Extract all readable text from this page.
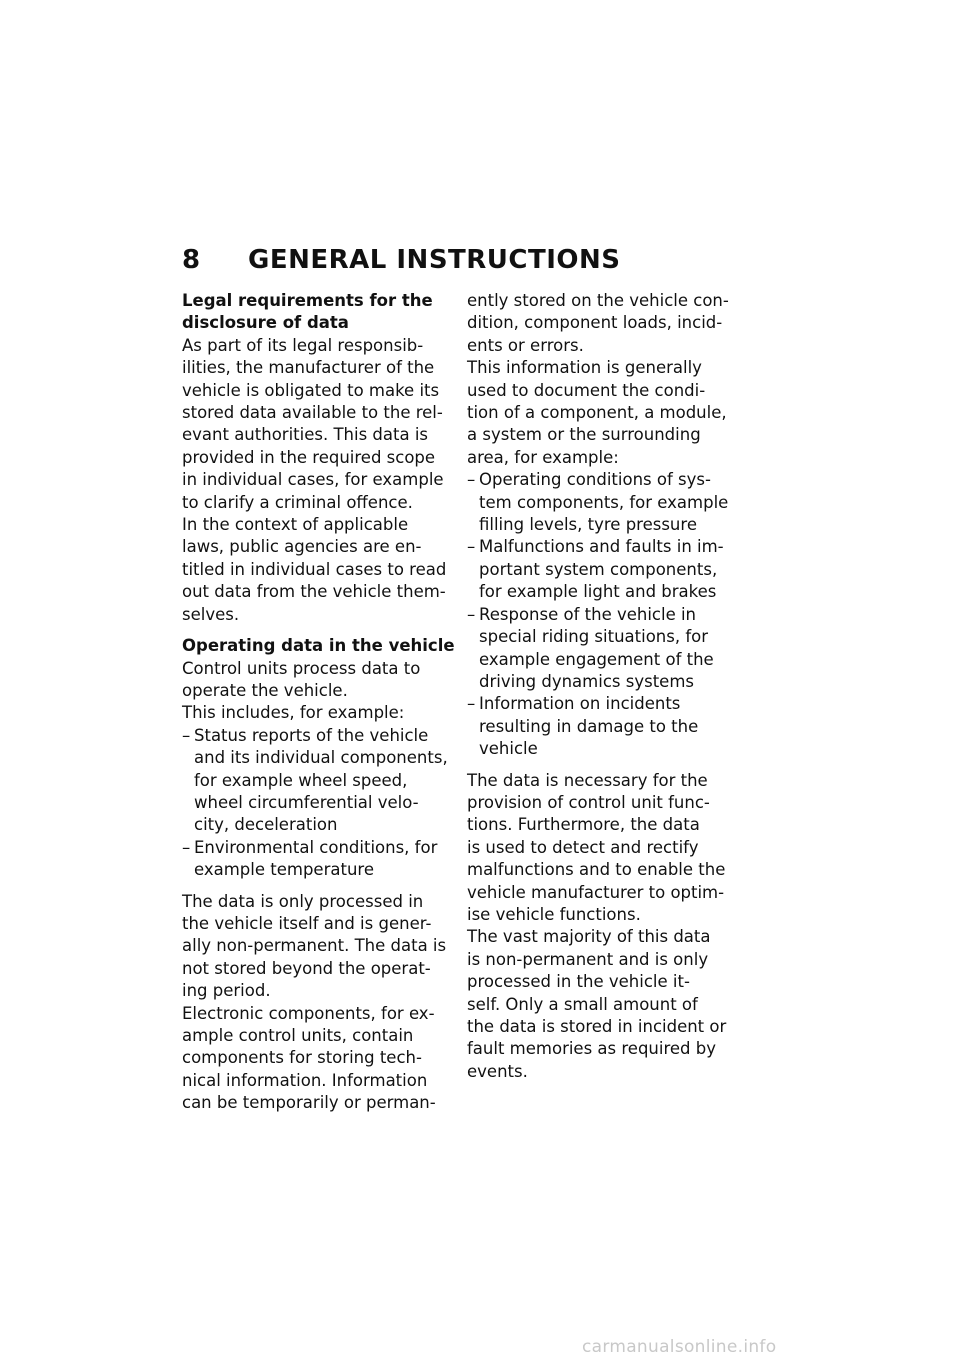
8 GENERAL INSTRUCTIONS
Legal requirements for the
disclosure of data
As part of its legal responsib-
ilities, the manufacturer of the
vehicle is obligated to make its
stored data available to the rel-
evant authorities. This data is
provided in the required scope
in individual cases, for example
to clarify a criminal offence.
In the context of applicable
laws, public agencies are en-
titled in individual cases to read
out data from the vehicle them-
selves.
Operating data in the vehicle
Control units process data to
operate the vehicle.
This includes, for example:
– Status reports of the vehicle
and its individual components,
for example wheel speed,
wheel circumferential velo-
city, deceleration
– Environmental conditions, for
example temperature
The data is only processed in
the vehicle itself and is gener-
ally non-permanent. The data is
not stored beyond the operat-
ing period.
Electronic components, for ex-
ample control units, contain
components for storing tech-
nical information. Information
can be temporarily or perman-
ently stored on the vehicle con-
dition, component loads, incid-
ents or errors.
This information is generally
used to document the condi-
tion of a component, a module,
a system or the surrounding
area, for example:
– Operating conditions of sys-
tem components, for example
filling levels, tyre pressure
– Malfunctions and faults in im-
portant system components,
for example light and brakes
– Response of the vehicle in
special riding situations, for
example engagement of the
driving dynamics systems
– Information on incidents
resulting in damage to the
vehicle
The data is necessary for the
provision of control unit func-
tions. Furthermore, the data
is used to detect and rectify
malfunctions and to enable the
vehicle manufacturer to optim-
ise vehicle functions.
The vast majority of this data
is non-permanent and is only
processed in the vehicle it-
self. Only a small amount of
the data is stored in incident or
fault memories as required by
events.
carmanualsonline.info
